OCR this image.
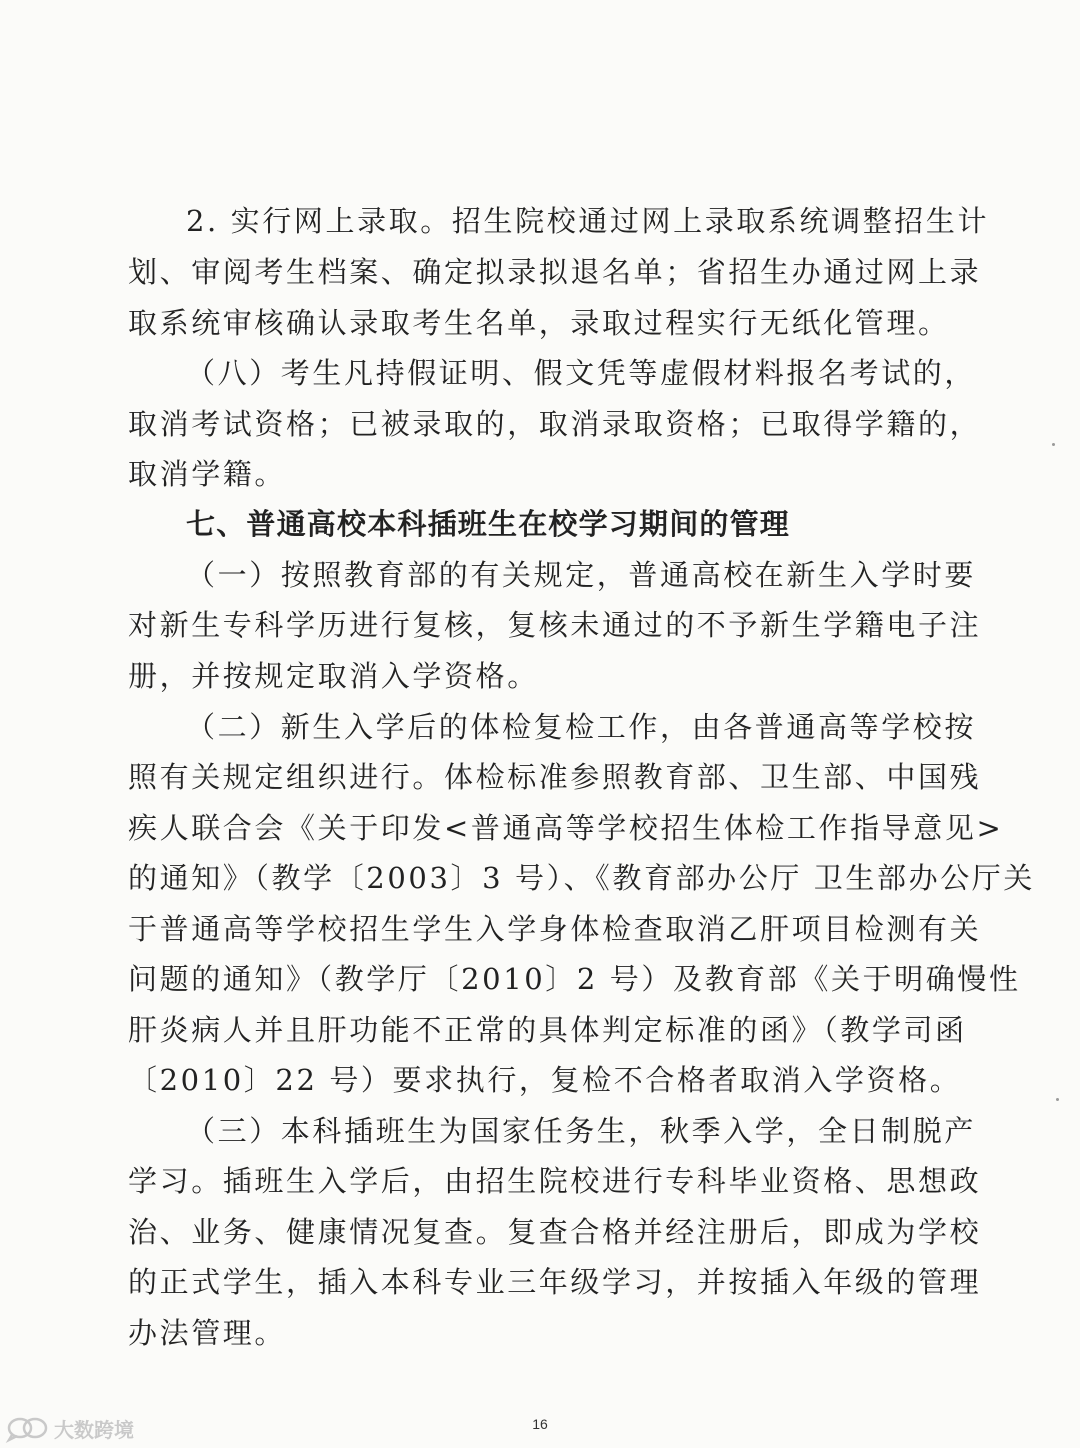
2. 实行网上录取。招生院校通过网上录取系统调整招生计
划、审阅考生档案、确定拟录拟退名单；省招生办通过网上录
取系统审核确认录取考生名单，录取过程实行无纸化管理。
（八）考生凡持假证明、假文凭等虚假材料报名考试的，
取消考试资格；已被录取的，取消录取资格；已取得学籍的，
取消学籍。
七、普通高校本科插班生在校学习期间的管理
（一）按照教育部的有关规定，普通高校在新生入学时要
对新生专科学历进行复核，复核未通过的不予新生学籍电子注
册，并按规定取消入学资格。
（二）新生入学后的体检复检工作，由各普通高等学校按
照有关规定组织进行。体检标准参照教育部、卫生部、中国残
疾人联合会《关于印发<普通高等学校招生体检工作指导意见>
的通知》（教学〔2003〕3 号）、《教育部办公厅 卫生部办公厅关
于普通高等学校招生学生入学身体检查取消乙肝项目检测有关
问题的通知》（教学厅〔2010〕2 号）及教育部《关于明确慢性
肝炎病人并且肝功能不正常的具体判定标准的函》（教学司函
〔2010〕22 号）要求执行，复检不合格者取消入学资格。
（三）本科插班生为国家任务生，秋季入学，全日制脱产
学习。插班生入学后，由招生院校进行专科毕业资格、思想政
治、业务、健康情况复查。复查合格并经注册后，即成为学校
的正式学生，插入本科专业三年级学习，并按插入年级的管理
办法管理。
16
大数跨境
